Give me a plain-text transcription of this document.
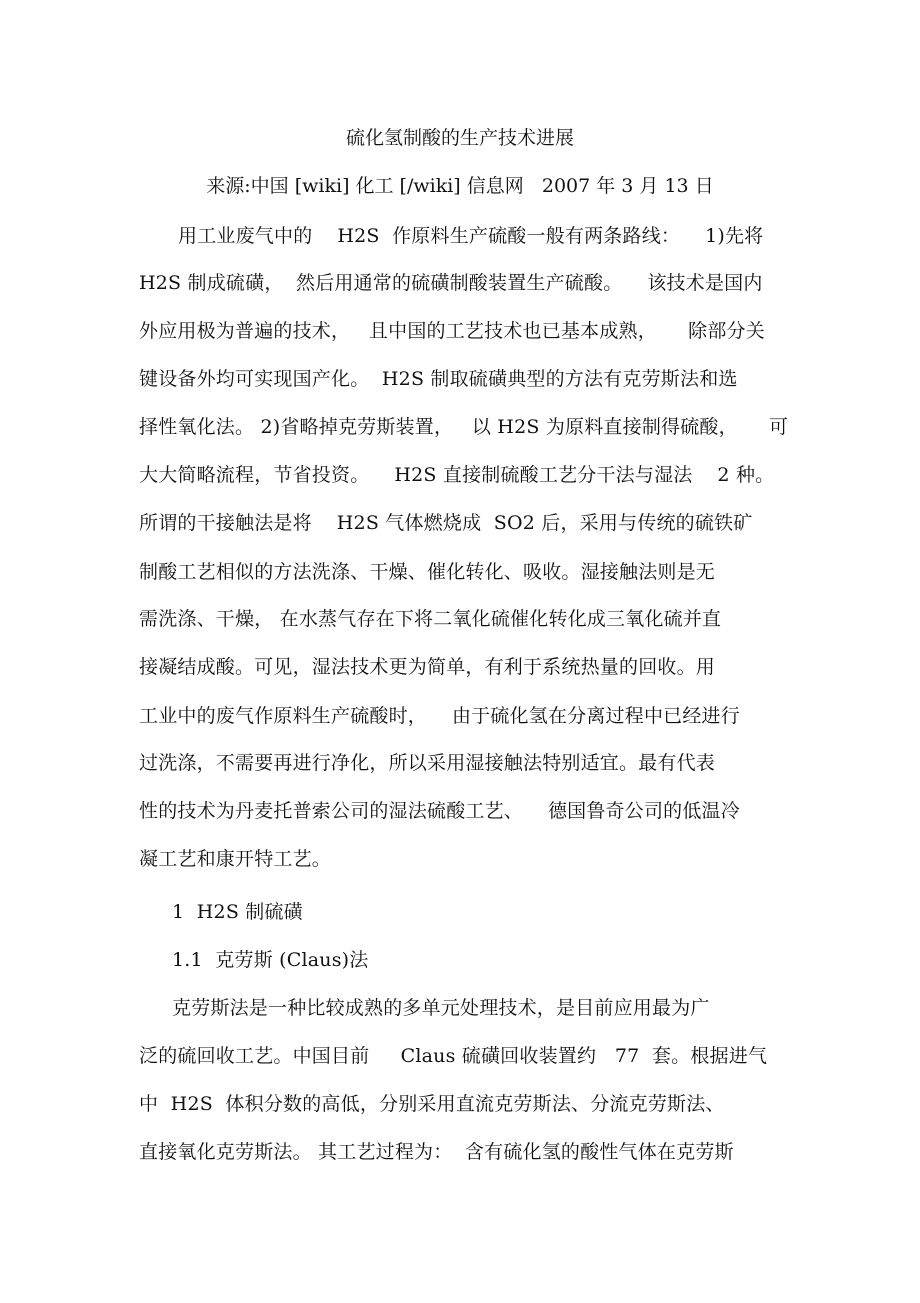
硫化氢制酸的生产技术进展
来源:中国 [wiki] 化工 [/wiki] 信息网   2007 年 3 月 13 日
用工业废气中的    H2S  作原料生产硫酸一般有两条路线：    1)先将
H2S 制成硫磺，  然后用通常的硫磺制酸装置生产硫酸。    该技术是国内
外应用极为普遍的技术，   且中国的工艺技术也已基本成熟，     除部分关
键设备外均可实现国产化。  H2S 制取硫磺典型的方法有克劳斯法和选
择性氧化法。 2)省略掉克劳斯装置，   以 H2S 为原料直接制得硫酸，     可
大大简略流程，节省投资。    H2S 直接制硫酸工艺分干法与湿法    2 种。
所谓的干接触法是将    H2S 气体燃烧成  SO2 后，采用与传统的硫铁矿
制酸工艺相似的方法洗涤、干燥、催化转化、吸收。湿接触法则是无
需洗涤、干燥， 在水蒸气存在下将二氧化硫催化转化成三氧化硫并直
接凝结成酸。可见，湿法技术更为简单，有利于系统热量的回收。用
工业中的废气作原料生产硫酸时，    由于硫化氢在分离过程中已经进行
过洗涤，不需要再进行净化，所以采用湿接触法特别适宜。最有代表
性的技术为丹麦托普索公司的湿法硫酸工艺、    德国鲁奇公司的低温冷
凝工艺和康开特工艺。
1  H2S 制硫磺
1.1  克劳斯 (Claus)法
克劳斯法是一种比较成熟的多单元处理技术，是目前应用最为广
泛的硫回收工艺。中国目前     Claus 硫磺回收装置约   77  套。根据进气
中  H2S  体积分数的高低，分别采用直流克劳斯法、分流克劳斯法、
直接氧化克劳斯法。 其工艺过程为：  含有硫化氢的酸性气体在克劳斯
